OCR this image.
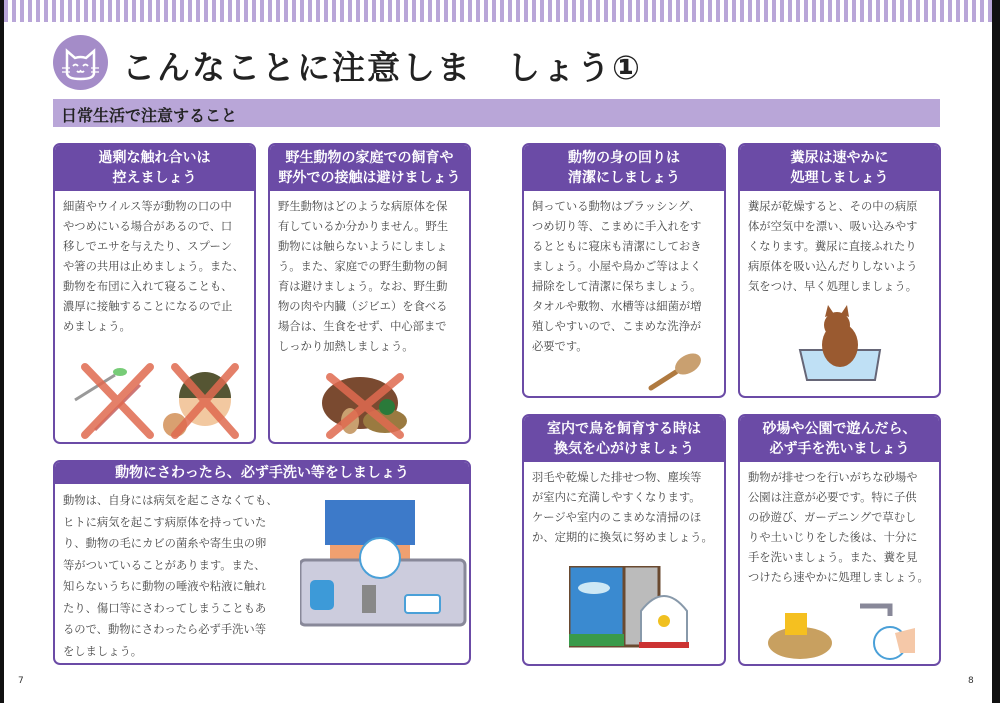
こんなことに注意しま　しょう①
日常生活で注意すること
過剰な触れ合いは
控えましょう
細菌やウイルス等が動物の口の中
やつめにいる場合があるので、口
移しでエサを与えたり、スプーン
や箸の共用は止めましょう。また、
動物を布団に入れて寝ることも、
濃厚に接触することになるので止
めましょう。
野生動物の家庭での飼育や
野外での接触は避けましょう
野生動物はどのような病原体を保
有しているか分かりません。野生
動物には触らないようにしましょ
う。また、家庭での野生動物の飼
育は避けましょう。なお、野生動
物の肉や内臓（ジビエ）を食べる
場合は、生食をせず、中心部まで
しっかり加熱しましょう。
動物の身の回りは
清潔にしましょう
飼っている動物はブラッシング、
つめ切り等、こまめに手入れをす
るとともに寝床も清潔にしておき
ましょう。小屋や鳥かご等はよく
掃除をして清潔に保ちましょう。
タオルや敷物、水槽等は細菌が増
殖しやすいので、こまめな洗浄が
必要です。
糞尿は速やかに
処理しましょう
糞尿が乾燥すると、その中の病原
体が空気中を漂い、吸い込みやす
くなります。糞尿に直接ふれたり
病原体を吸い込んだりしないよう
気をつけ、早く処理しましょう。
動物にさわったら、必ず手洗い等をしましょう
動物は、自身には病気を起こさなくても、
ヒトに病気を起こす病原体を持っていた
り、動物の毛にカビの菌糸や寄生虫の卵
等がついていることがあります。また、
知らないうちに動物の唾液や粘液に触れ
たり、傷口等にさわってしまうこともあ
るので、動物にさわったら必ず手洗い等
をしましょう。
室内で鳥を飼育する時は
換気を心がけましょう
羽毛や乾燥した排せつ物、塵埃等
が室内に充満しやすくなります。
ケージや室内のこまめな清掃のほ
か、定期的に換気に努めましょう。
砂場や公園で遊んだら、
必ず手を洗いましょう
動物が排せつを行いがちな砂場や
公園は注意が必要です。特に子供
の砂遊び、ガーデニングで草むし
りや土いじりをした後は、十分に
手を洗いましょう。また、糞を見
つけたら速やかに処理しましょう。
7	8
